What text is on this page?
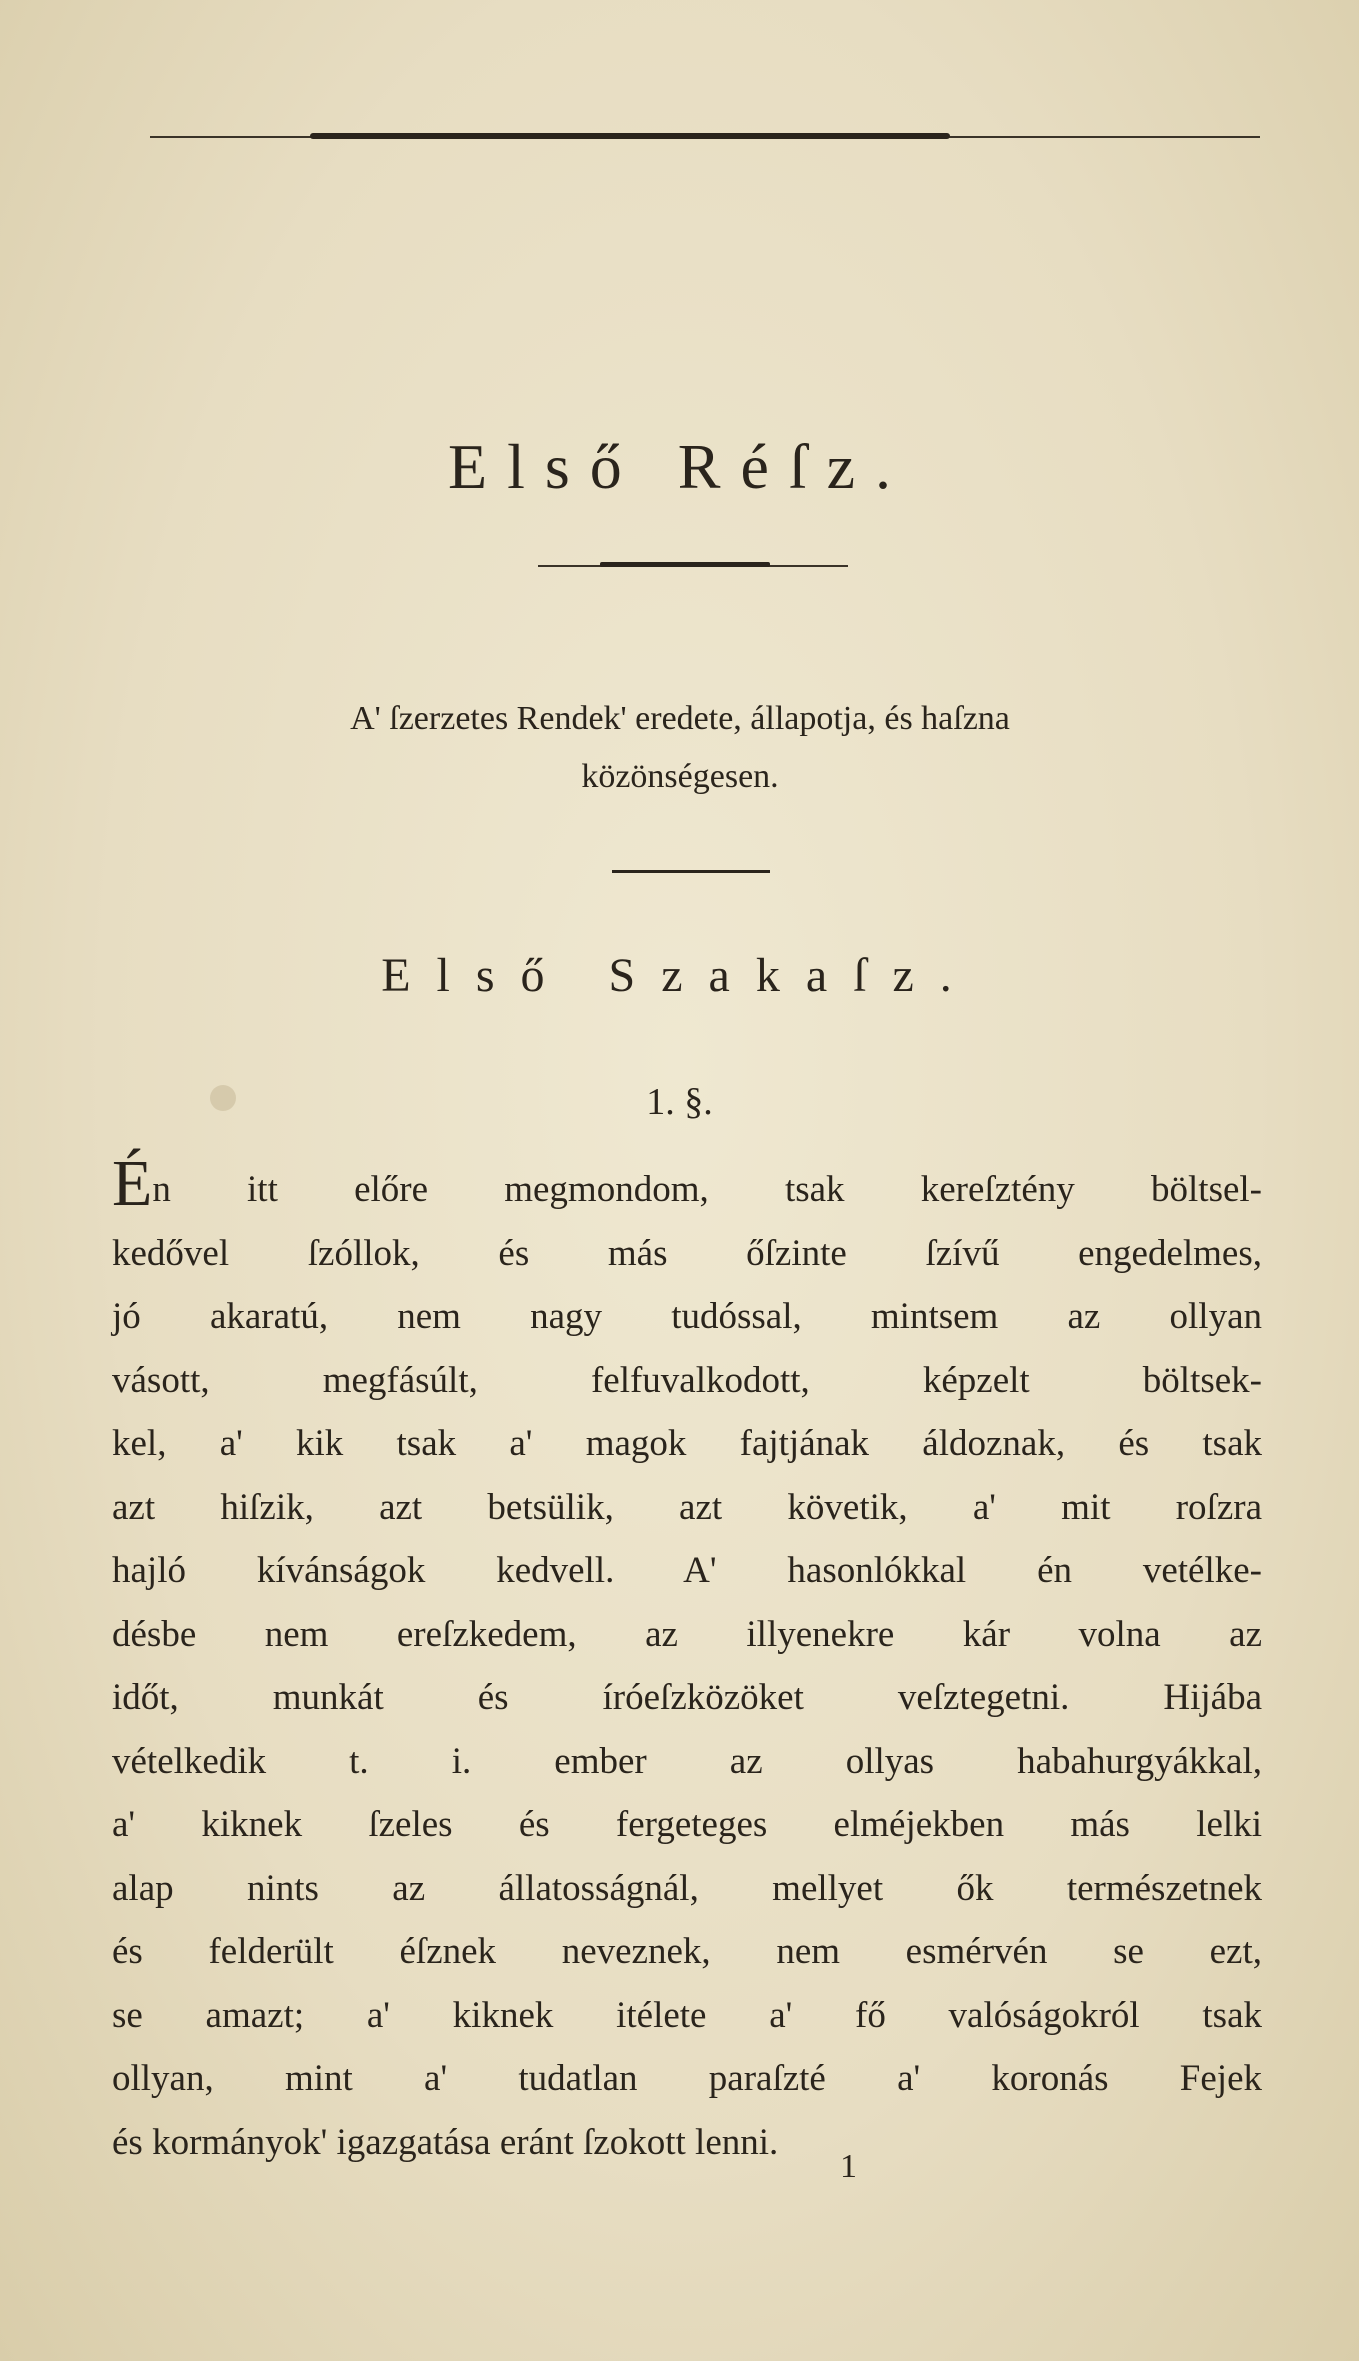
Első Réſz.
A' ſzerzetes Rendek' eredete, állapotja, és haſzna
közönségesen.
Első Szakaſz.
1. §.
Én itt előre megmondom, tsak kereſztény böltsel-
kedővel ſzóllok, és más őſzinte ſzívű engedelmes,
jó akaratú, nem nagy tudóssal, mintsem az ollyan
vásott, megfásúlt, felfuvalkodott, képzelt böltsek-
kel, a' kik tsak a' magok fajtjának áldoznak, és tsak
azt hiſzik, azt betsülik, azt követik, a' mit roſzra
hajló kívánságok kedvell. A' hasonlókkal én vetélke-
désbe nem ereſzkedem, az illyenekre kár volna az
időt, munkát és íróeſzközöket veſztegetni. Hijába
vételkedik t. i. ember az ollyas habahurgyákkal,
a' kiknek ſzeles és fergeteges elméjekben más lelki
alap nints az állatosságnál, mellyet ők természetnek
és felderült éſznek neveznek, nem esmérvén se ezt,
se amazt; a' kiknek itélete a' fő valóságokról tsak
ollyan, mint a' tudatlan paraſzté a' koronás Fejek
és kormányok' igazgatása eránt ſzokott lenni.
1
